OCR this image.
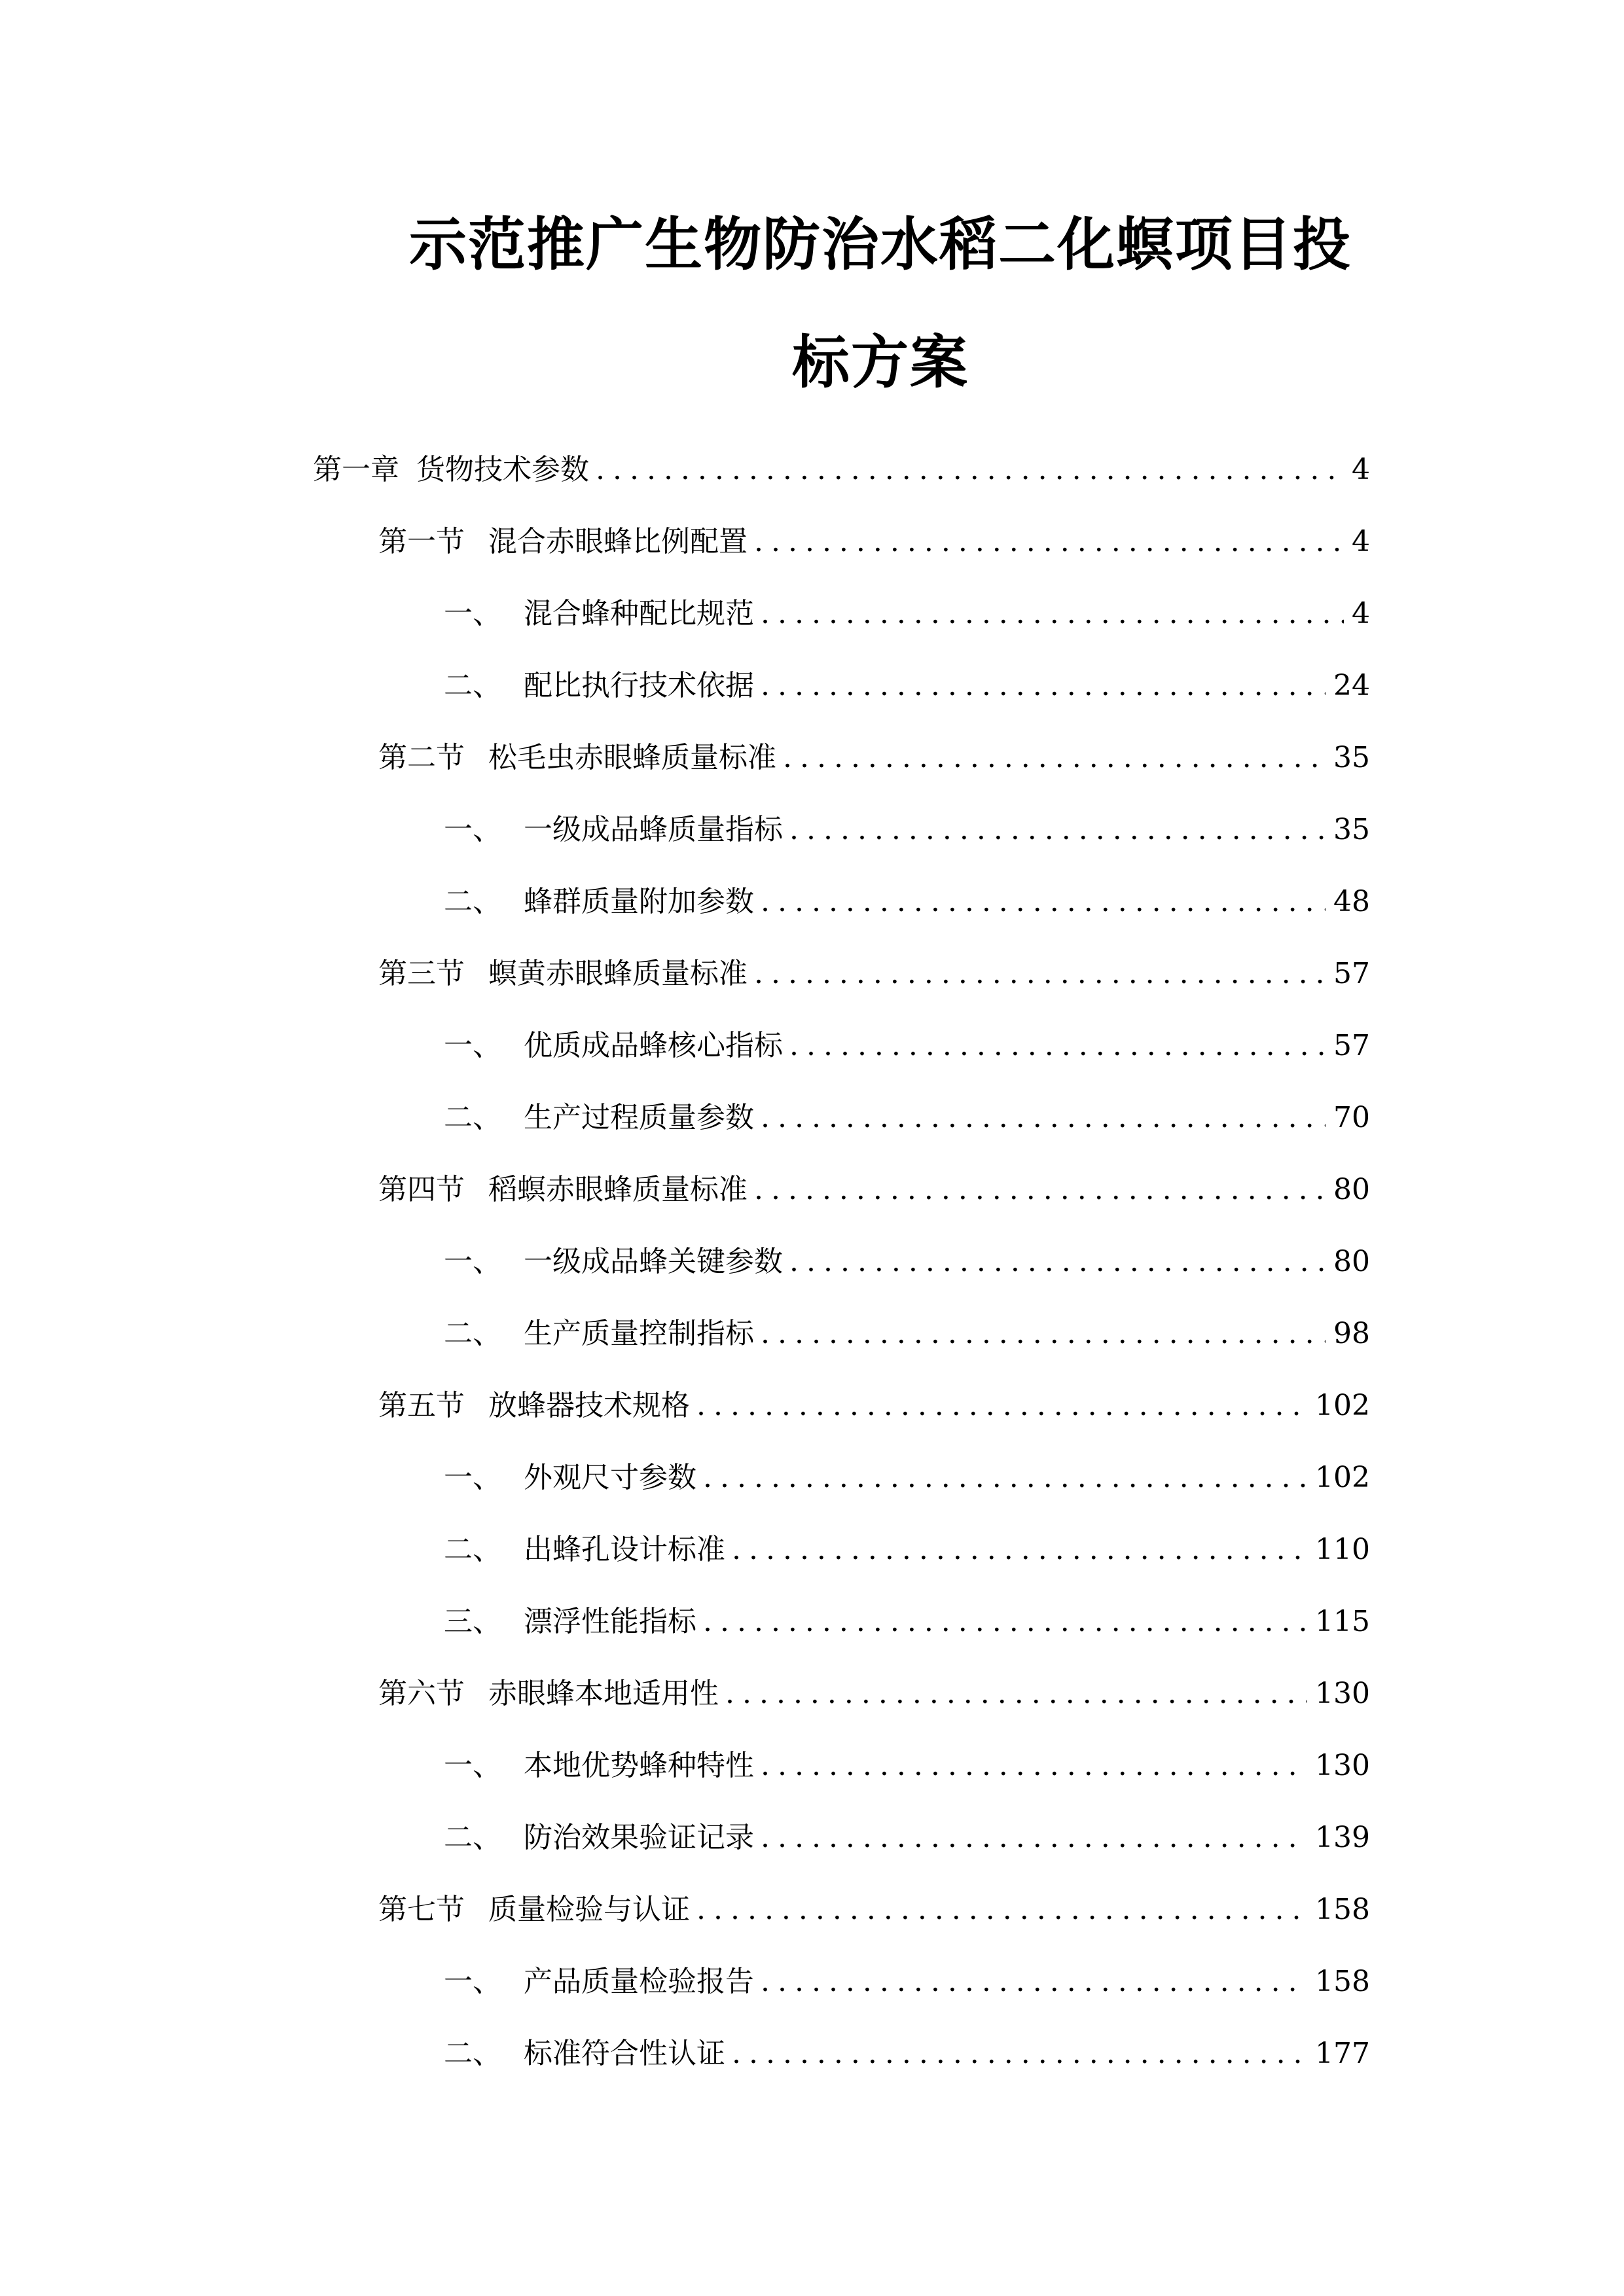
示范推广生物防治水稻二化螟项目投
标方案
第一章 货物技术参数 .....	4
第一节 混合赤眼蜂比例配置 .....	4
一、 混合蜂种配比规范 .....	4
二、 配比执行技术依据 .....	24
第二节 松毛虫赤眼蜂质量标准 .....	35
一、 一级成品蜂质量指标 .....	35
二、 蜂群质量附加参数 .....	48
第三节 螟黄赤眼蜂质量标准 .....	57
一、 优质成品蜂核心指标 .....	57
二、 生产过程质量参数 .....	70
第四节 稻螟赤眼蜂质量标准 .....	80
一、 一级成品蜂关键参数 .....	80
二、 生产质量控制指标 .....	98
第五节 放蜂器技术规格 .....	102
一、 外观尺寸参数 .....	102
二、 出蜂孔设计标准 .....	110
三、 漂浮性能指标 .....	115
第六节 赤眼蜂本地适用性 .....	130
一、 本地优势蜂种特性 .....	130
二、 防治效果验证记录 .....	139
第七节 质量检验与认证 .....	158
一、 产品质量检验报告 .....	158
二、 标准符合性认证 .....	177
